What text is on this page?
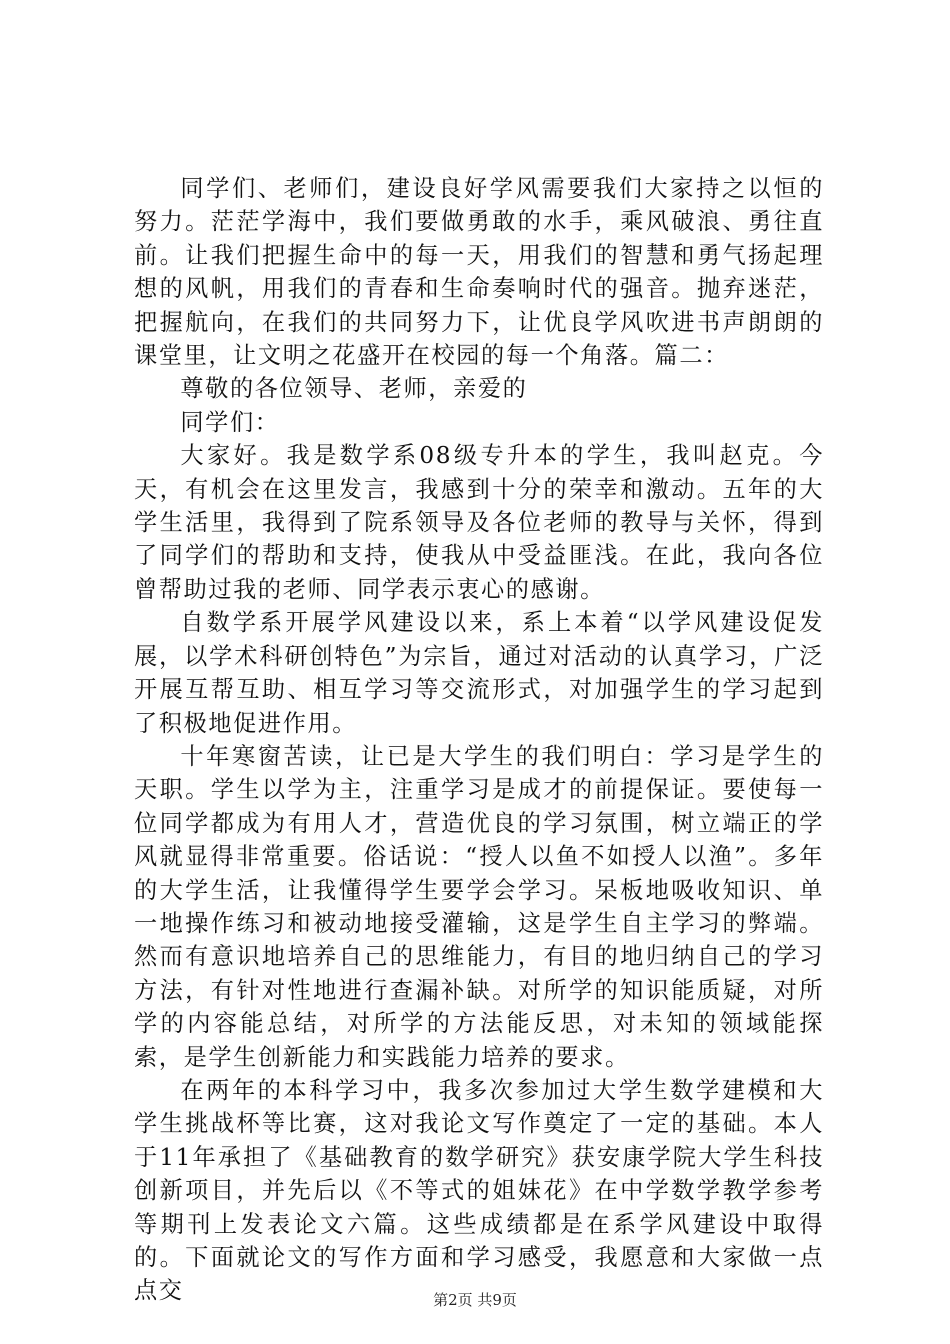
同学们、老师们，建设良好学风需要我们大家持之以恒的努力。茫茫学海中，我们要做勇敢的水手，乘风破浪、勇往直前。让我们把握生命中的每一天，用我们的智慧和勇气扬起理想的风帆，用我们的青春和生命奏响时代的强音。抛弃迷茫，把握航向，在我们的共同努力下，让优良学风吹进书声朗朗的课堂里，让文明之花盛开在校园的每一个角落。篇二：

尊敬的各位领导、老师，亲爱的

同学们：

大家好。我是数学系08级专升本的学生，我叫赵克。今天，有机会在这里发言，我感到十分的荣幸和激动。五年的大学生活里，我得到了院系领导及各位老师的教导与关怀，得到了同学们的帮助和支持，使我从中受益匪浅。在此，我向各位曾帮助过我的老师、同学表示衷心的感谢。

自数学系开展学风建设以来，系上本着“以学风建设促发展，以学术科研创特色”为宗旨，通过对活动的认真学习，广泛开展互帮互助、相互学习等交流形式，对加强学生的学习起到了积极地促进作用。

十年寒窗苦读，让已是大学生的我们明白：学习是学生的天职。学生以学为主，注重学习是成才的前提保证。要使每一位同学都成为有用人才，营造优良的学习氛围，树立端正的学风就显得非常重要。俗话说：“授人以鱼不如授人以渔”。多年的大学生活，让我懂得学生要学会学习。呆板地吸收知识、单一地操作练习和被动地接受灌输，这是学生自主学习的弊端。然而有意识地培养自己的思维能力，有目的地归纳自己的学习方法，有针对性地进行查漏补缺。对所学的知识能质疑，对所学的内容能总结，对所学的方法能反思，对未知的领域能探索，是学生创新能力和实践能力培养的要求。

在两年的本科学习中，我多次参加过大学生数学建模和大学生挑战杯等比赛，这对我论文写作奠定了一定的基础。本人于11年承担了《基础教育的数学研究》获安康学院大学生科技创新项目，并先后以《不等式的姐妹花》在中学数学教学参考等期刊上发表论文六篇。这些成绩都是在系学风建设中取得的。下面就论文的写作方面和学习感受，我愿意和大家做一点点交	第2页 共9页
